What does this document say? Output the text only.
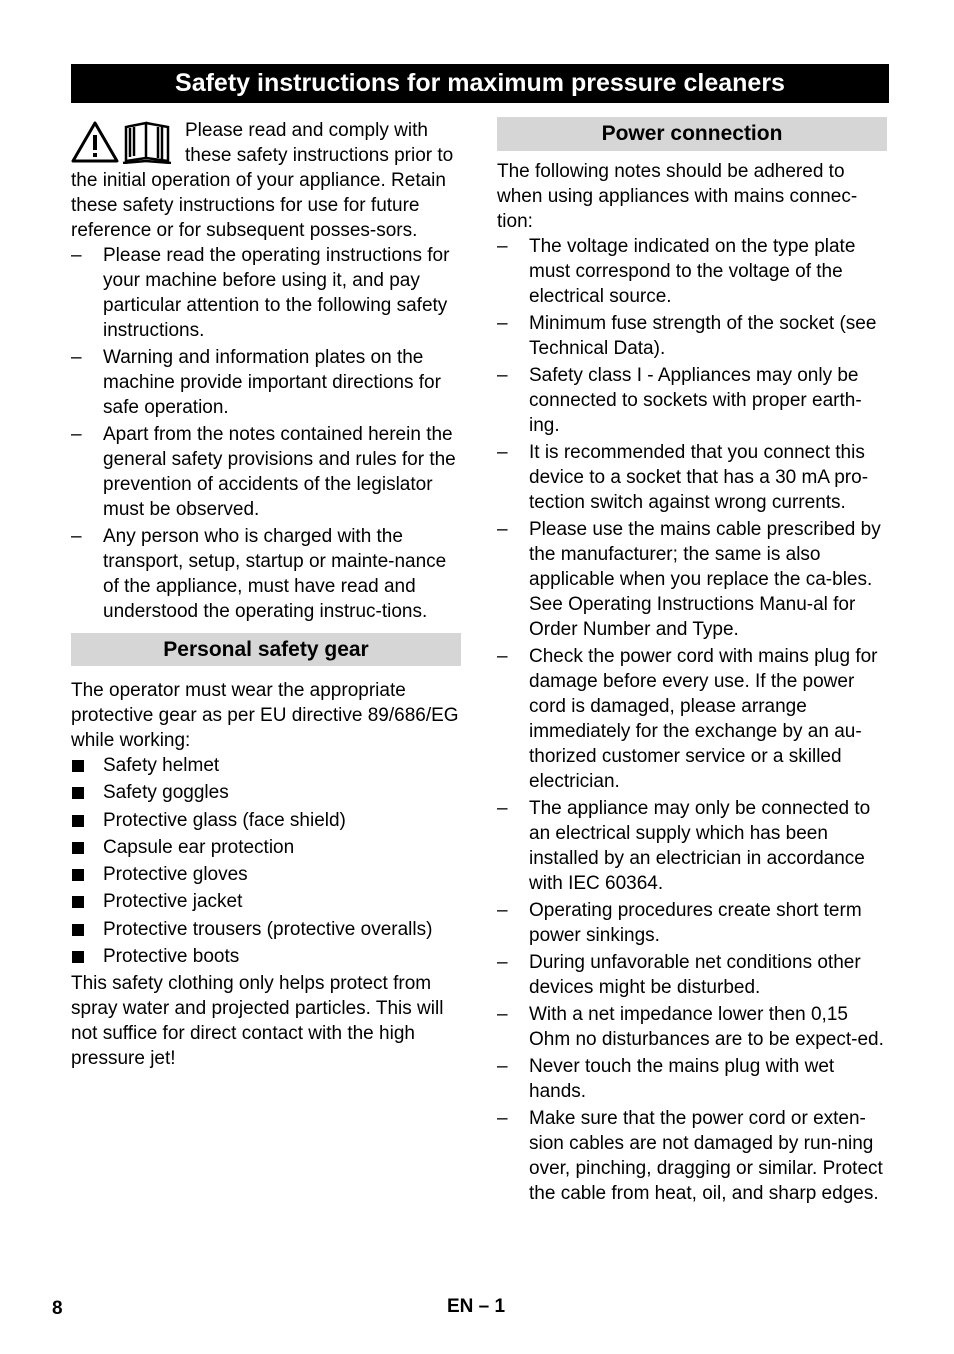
Safety instructions for maximum pressure cleaners

Please read and comply with these safety instructions prior to the initial operation of your appliance. Retain these safety instructions for use for future reference or for subsequent posses-sors.

– Please read the operating instructions for your machine before using it, and pay particular attention to the following safety instructions.
– Warning and information plates on the machine provide important directions for safe operation.
– Apart from the notes contained herein the general safety provisions and rules for the prevention of accidents of the legislator must be observed.
– Any person who is charged with the transport, setup, startup or mainte-nance of the appliance, must have read and understood the operating instruc-tions.
Personal safety gear

The operator must wear the appropriate protective gear as per EU directive 89/686/EG while working:

Safety helmet
Safety goggles
Protective glass (face shield)
Capsule ear protection
Protective gloves
Protective jacket
Protective trousers (protective overalls)
Protective boots

This safety clothing only helps protect from spray water and projected particles. This will not suffice for direct contact with the high pressure jet!

Power connection

The following notes should be adhered to when using appliances with mains connec-tion:

– The voltage indicated on the type plate must correspond to the voltage of the electrical source.
– Minimum fuse strength of the socket (see Technical Data).
– Safety class I - Appliances may only be connected to sockets with proper earth-ing.
– It is recommended that you connect this device to a socket that has a 30 mA pro-tection switch against wrong currents.
– Please use the mains cable prescribed by the manufacturer; the same is also applicable when you replace the ca-bles. See Operating Instructions Manu-al for Order Number and Type.
– Check the power cord with mains plug for damage before every use. If the power cord is damaged, please arrange immediately for the exchange by an au-thorized customer service or a skilled electrician.
– The appliance may only be connected to an electrical supply which has been installed by an electrician in accordance with IEC 60364.
– Operating procedures create short term power sinkings.
– During unfavorable net conditions other devices might be disturbed.
– With a net impedance lower then 0,15 Ohm no disturbances are to be expect-ed.
– Never touch the mains plug with wet hands.
– Make sure that the power cord or exten-sion cables are not damaged by run-ning over, pinching, dragging or similar. Protect the cable from heat, oil, and sharp edges.
8	EN – 1
